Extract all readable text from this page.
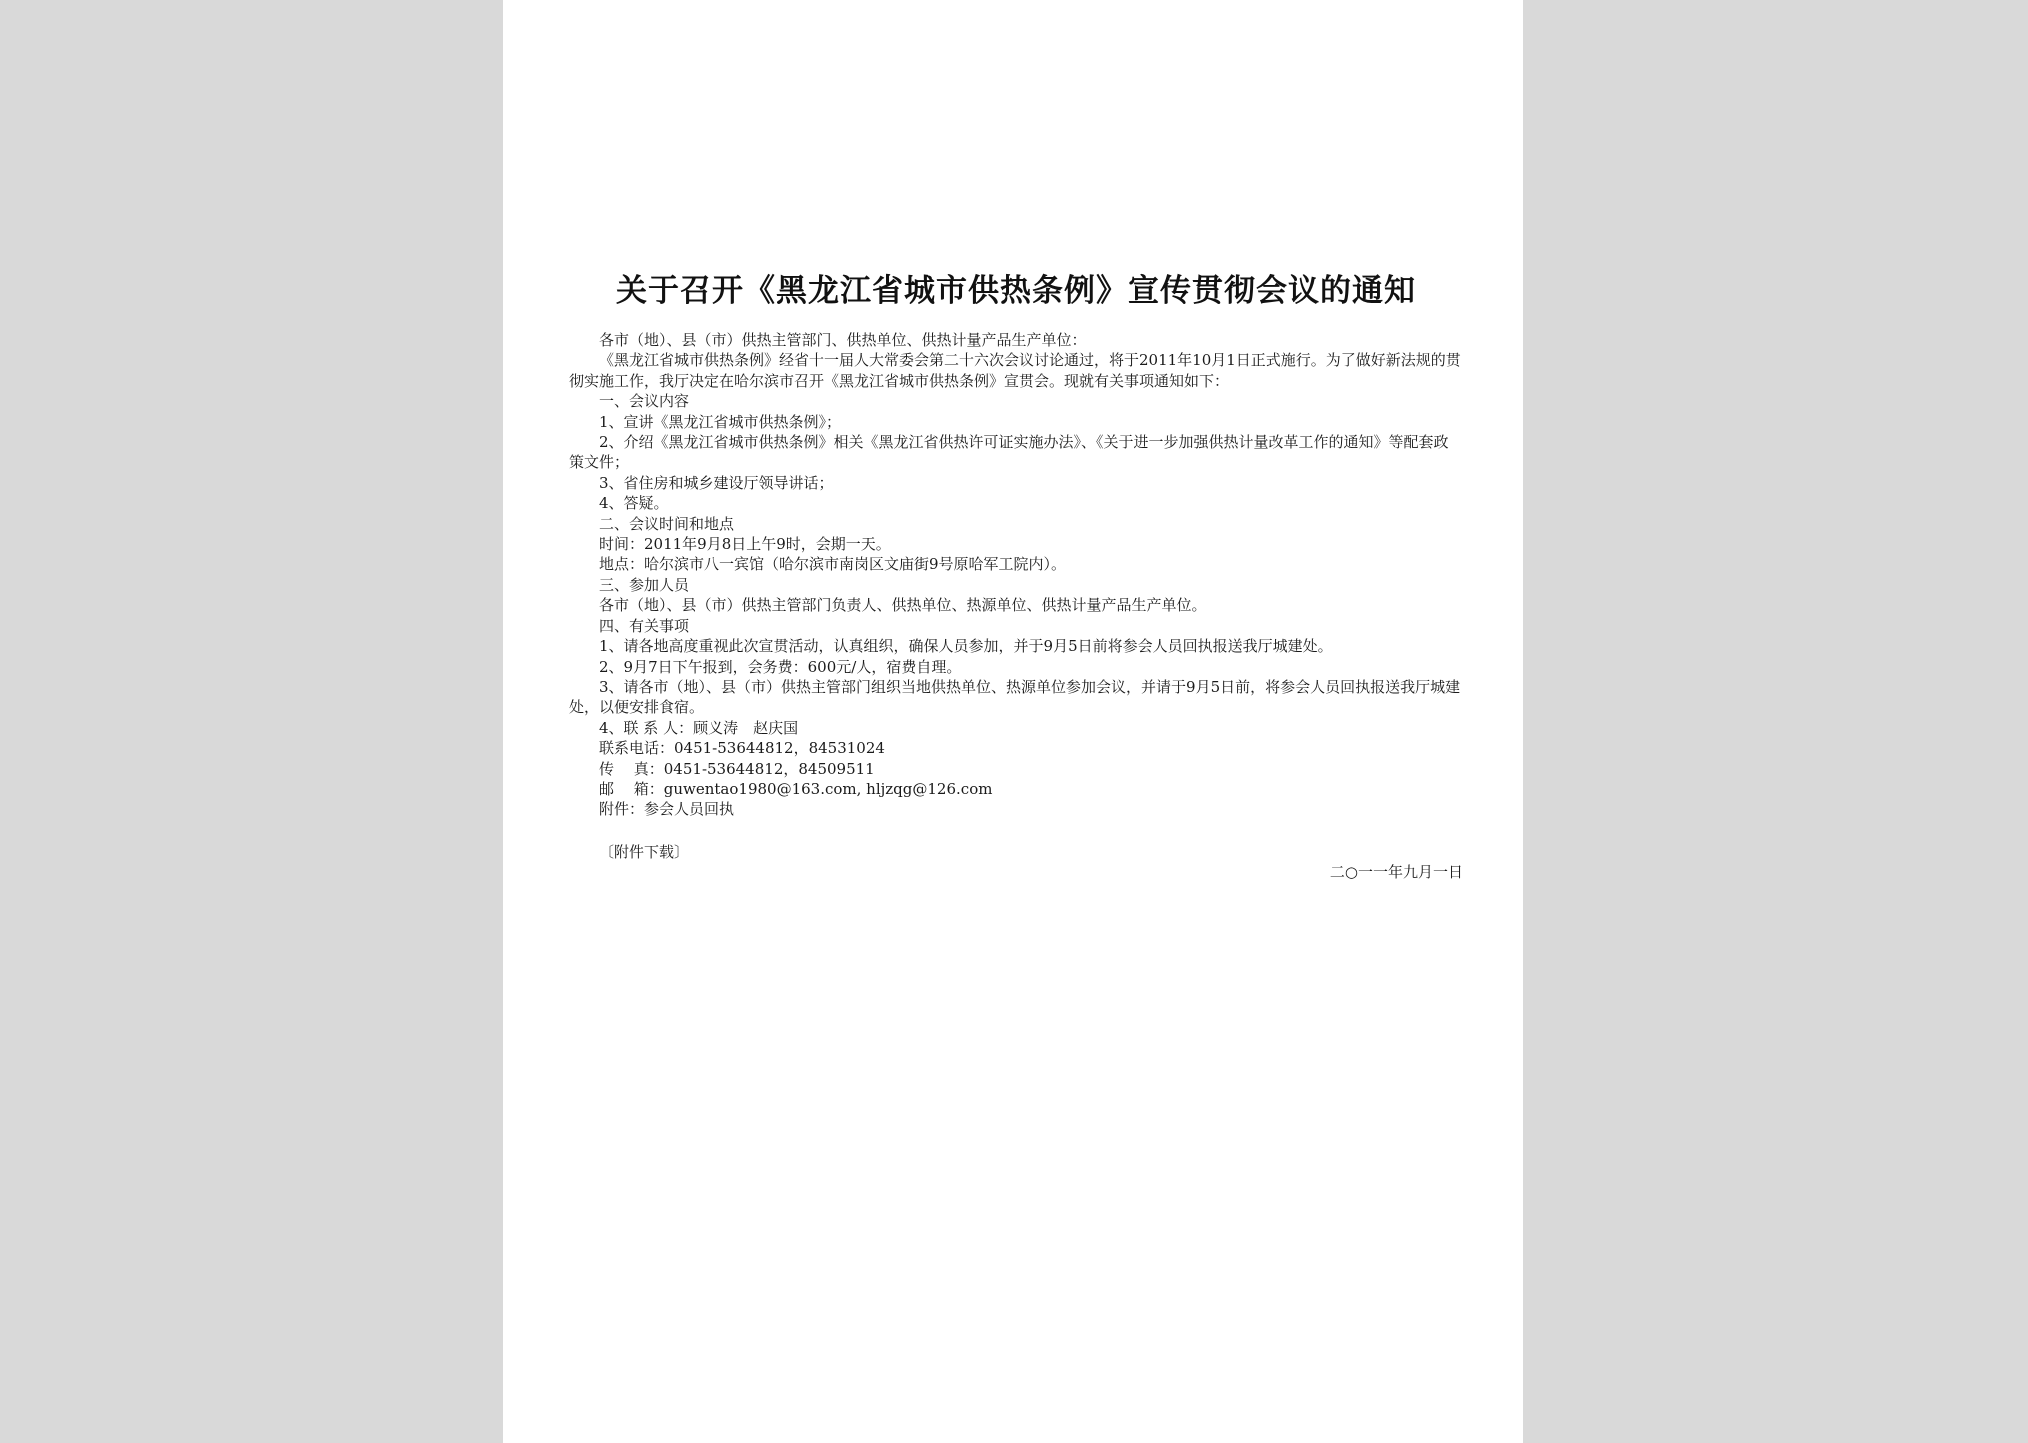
关于召开《黑龙江省城市供热条例》宣传贯彻会议的通知

各市（地）、县（市）供热主管部门、供热单位、供热计量产品生产单位：

《黑龙江省城市供热条例》经省十一届人大常委会第二十六次会议讨论通过，将于2011年10月1日正式施行。为了做好新法规的贯彻实施工作，我厅决定在哈尔滨市召开《黑龙江省城市供热条例》宣贯会。现就有关事项通知如下：

一、会议内容

1、宣讲《黑龙江省城市供热条例》；

2、介绍《黑龙江省城市供热条例》相关《黑龙江省供热许可证实施办法》、《关于进一步加强供热计量改革工作的通知》等配套政策文件；

3、省住房和城乡建设厅领导讲话；

4、答疑。

二、会议时间和地点

时间：2011年9月8日上午9时，会期一天。

地点：哈尔滨市八一宾馆（哈尔滨市南岗区文庙街9号原哈军工院内）。

三、参加人员

各市（地）、县（市）供热主管部门负责人、供热单位、热源单位、供热计量产品生产单位。

四、有关事项

1、请各地高度重视此次宣贯活动，认真组织，确保人员参加，并于9月5日前将参会人员回执报送我厅城建处。

2、9月7日下午报到，会务费：600元/人，宿费自理。

3、请各市（地）、县（市）供热主管部门组织当地供热单位、热源单位参加会议，并请于9月5日前，将参会人员回执报送我厅城建处，以便安排食宿。

4、联 系 人：顾义涛　赵庆国

联系电话：0451-53644812，84531024

传　 真：0451-53644812，84509511

邮　 箱：guwentao1980@163.com, hljzqg@126.com

附件：参会人员回执

〔附件下载〕

二○一一年九月一日
